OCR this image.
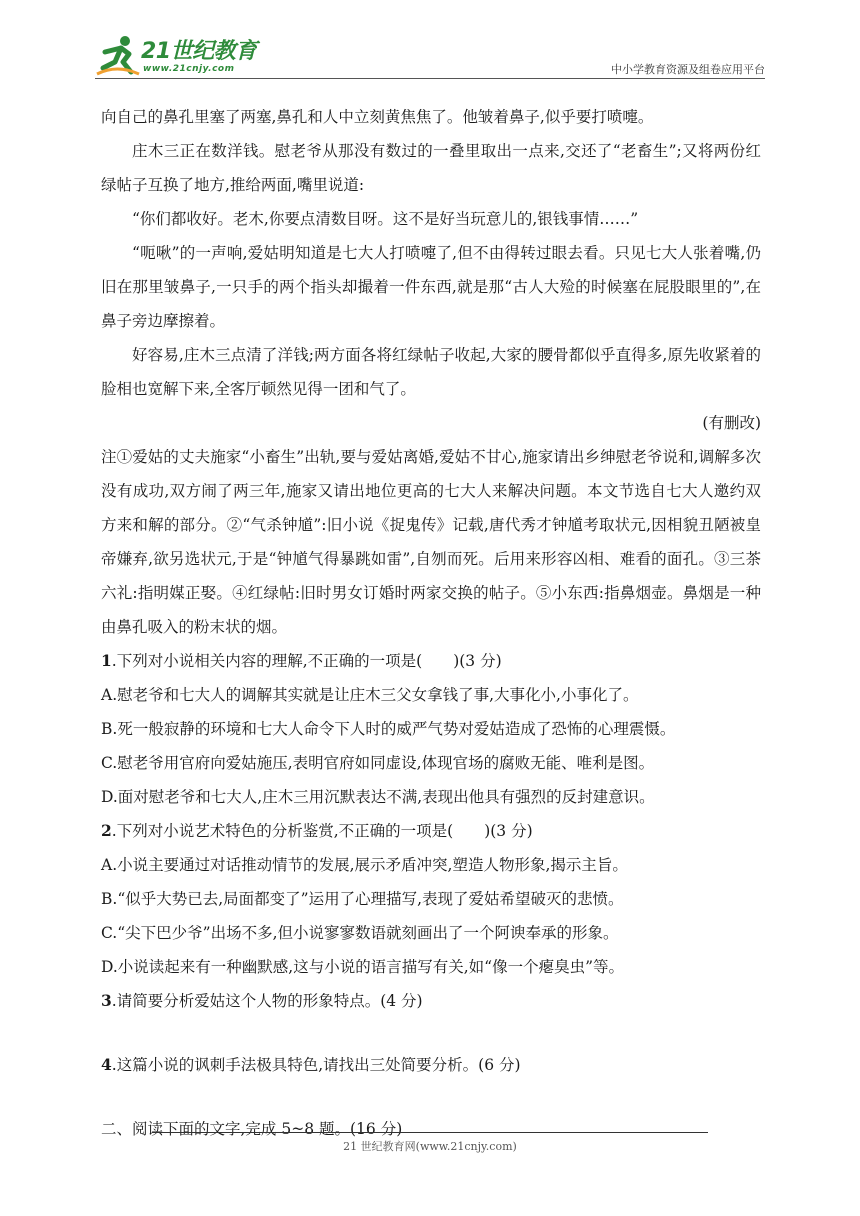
21世纪教育
www.21cnjy.com	中小学教育资源及组卷应用平台

向自己的鼻孔里塞了两塞,鼻孔和人中立刻黄焦焦了。他皱着鼻子,似乎要打喷嚏。

庄木三正在数洋钱。慰老爷从那没有数过的一叠里取出一点来,交还了“老畜生”;又将两份红绿帖子互换了地方,推给两面,嘴里说道:

“你们都收好。老木,你要点清数目呀。这不是好当玩意儿的,银钱事情……”

“呃啾”的一声响,爱姑明知道是七大人打喷嚏了,但不由得转过眼去看。只见七大人张着嘴,仍旧在那里皱鼻子,一只手的两个指头却撮着一件东西,就是那“古人大殓的时候塞在屁股眼里的”,在鼻子旁边摩擦着。

好容易,庄木三点清了洋钱;两方面各将红绿帖子收起,大家的腰骨都似乎直得多,原先收紧着的脸相也宽解下来,全客厅顿然见得一团和气了。

(有删改)

注①爱姑的丈夫施家“小畜生”出轨,要与爱姑离婚,爱姑不甘心,施家请出乡绅慰老爷说和,调解多次没有成功,双方闹了两三年,施家又请出地位更高的七大人来解决问题。本文节选自七大人邀约双方来和解的部分。②“气杀钟馗”:旧小说《捉鬼传》记载,唐代秀才钟馗考取状元,因相貌丑陋被皇帝嫌弃,欲另选状元,于是“钟馗气得暴跳如雷”,自刎而死。后用来形容凶相、难看的面孔。③三茶六礼:指明媒正娶。④红绿帖:旧时男女订婚时两家交换的帖子。⑤小东西:指鼻烟壶。鼻烟是一种由鼻孔吸入的粉末状的烟。

1.下列对小说相关内容的理解,不正确的一项是(　　)(3 分)

A.慰老爷和七大人的调解其实就是让庄木三父女拿钱了事,大事化小,小事化了。

B.死一般寂静的环境和七大人命令下人时的威严气势对爱姑造成了恐怖的心理震慑。

C.慰老爷用官府向爱姑施压,表明官府如同虚设,体现官场的腐败无能、唯利是图。

D.面对慰老爷和七大人,庄木三用沉默表达不满,表现出他具有强烈的反封建意识。

2.下列对小说艺术特色的分析鉴赏,不正确的一项是(　　)(3 分)

A.小说主要通过对话推动情节的发展,展示矛盾冲突,塑造人物形象,揭示主旨。

B.“似乎大势已去,局面都变了”运用了心理描写,表现了爱姑希望破灭的悲愤。

C.“尖下巴少爷”出场不多,但小说寥寥数语就刻画出了一个阿谀奉承的形象。

D.小说读起来有一种幽默感,这与小说的语言描写有关,如“像一个瘪臭虫”等。

3.请简要分析爱姑这个人物的形象特点。(4 分)

4.这篇小说的讽刺手法极具特色,请找出三处简要分析。(6 分)

二、阅读下面的文字,完成 5~8 题。(16 分)

21 世纪教育网(www.21cnjy.com)
